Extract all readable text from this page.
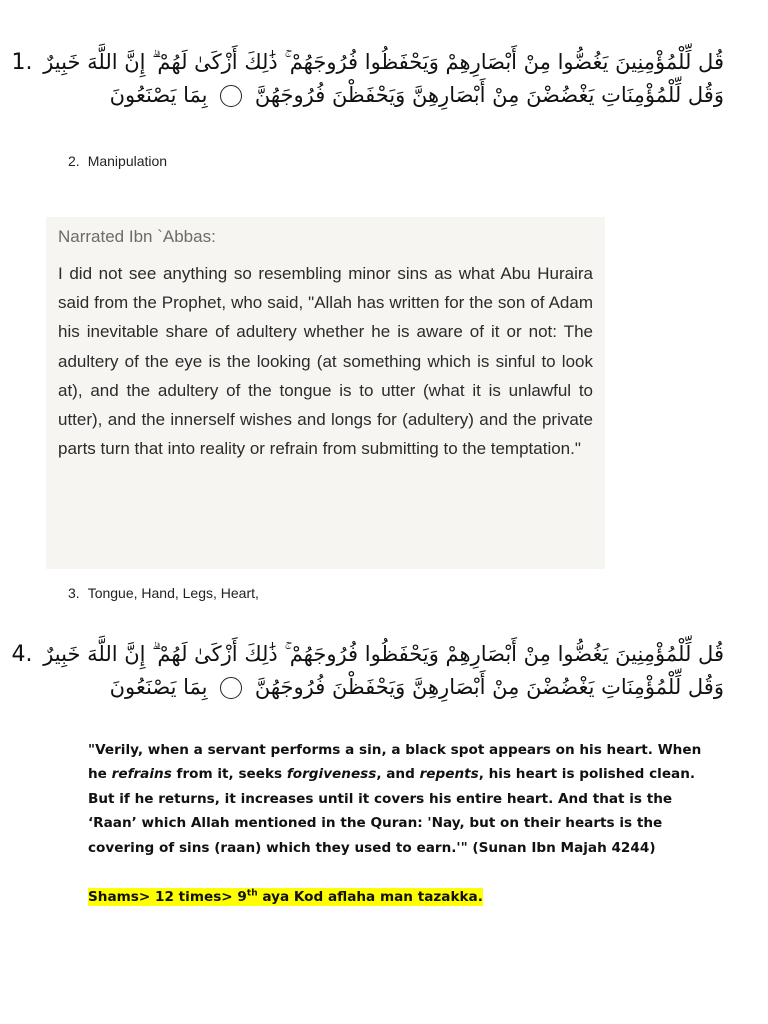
قُل لِّلْمُؤْمِنِينَ يَغُضُّوا مِنْ أَبْصَارِهِمْ وَيَحْفَظُوا فُرُوجَهُمْ ۚ ذَٰلِكَ أَزْكَىٰ لَهُمْ ۗ إِنَّ اللَّهَ خَبِيرٌ 1.
وَقُل لِّلْمُؤْمِنَاتِ يَغْضُضْنَ مِنْ أَبْصَارِهِنَّ وَيَحْفَظْنَ فُرُوجَهُنَّ  بِمَا يَصْنَعُونَ
2. Manipulation

Narrated Ibn `Abbas:

I did not see anything so resembling minor sins as what Abu Huraira said from the Prophet, who said, "Allah has written for the son of Adam his inevitable share of adultery whether he is aware of it or not: The adultery of the eye is the looking (at something which is sinful to look at), and the adultery of the tongue is to utter (what it is unlawful to utter), and the innerself wishes and longs for (adultery) and the private parts turn that into reality or refrain from submitting to the temptation."

3. Tongue, Hand, Legs, Heart,
قُل لِّلْمُؤْمِنِينَ يَغُضُّوا مِنْ أَبْصَارِهِمْ وَيَحْفَظُوا فُرُوجَهُمْ ۚ ذَٰلِكَ أَزْكَىٰ لَهُمْ ۗ إِنَّ اللَّهَ خَبِيرٌ 4.
وَقُل لِّلْمُؤْمِنَاتِ يَغْضُضْنَ مِنْ أَبْصَارِهِنَّ وَيَحْفَظْنَ فُرُوجَهُنَّ  بِمَا يَصْنَعُونَ

"Verily, when a servant performs a sin, a black spot appears on his heart. When he refrains from it, seeks forgiveness, and repents, his heart is polished clean. But if he returns, it increases until it covers his entire heart. And that is the ‘Raan’ which Allah mentioned in the Quran: 'Nay, but on their hearts is the covering of sins (raan) which they used to earn.'" (Sunan Ibn Majah 4244)

Shams> 12 times> 9th aya Kod aflaha man tazakka.
